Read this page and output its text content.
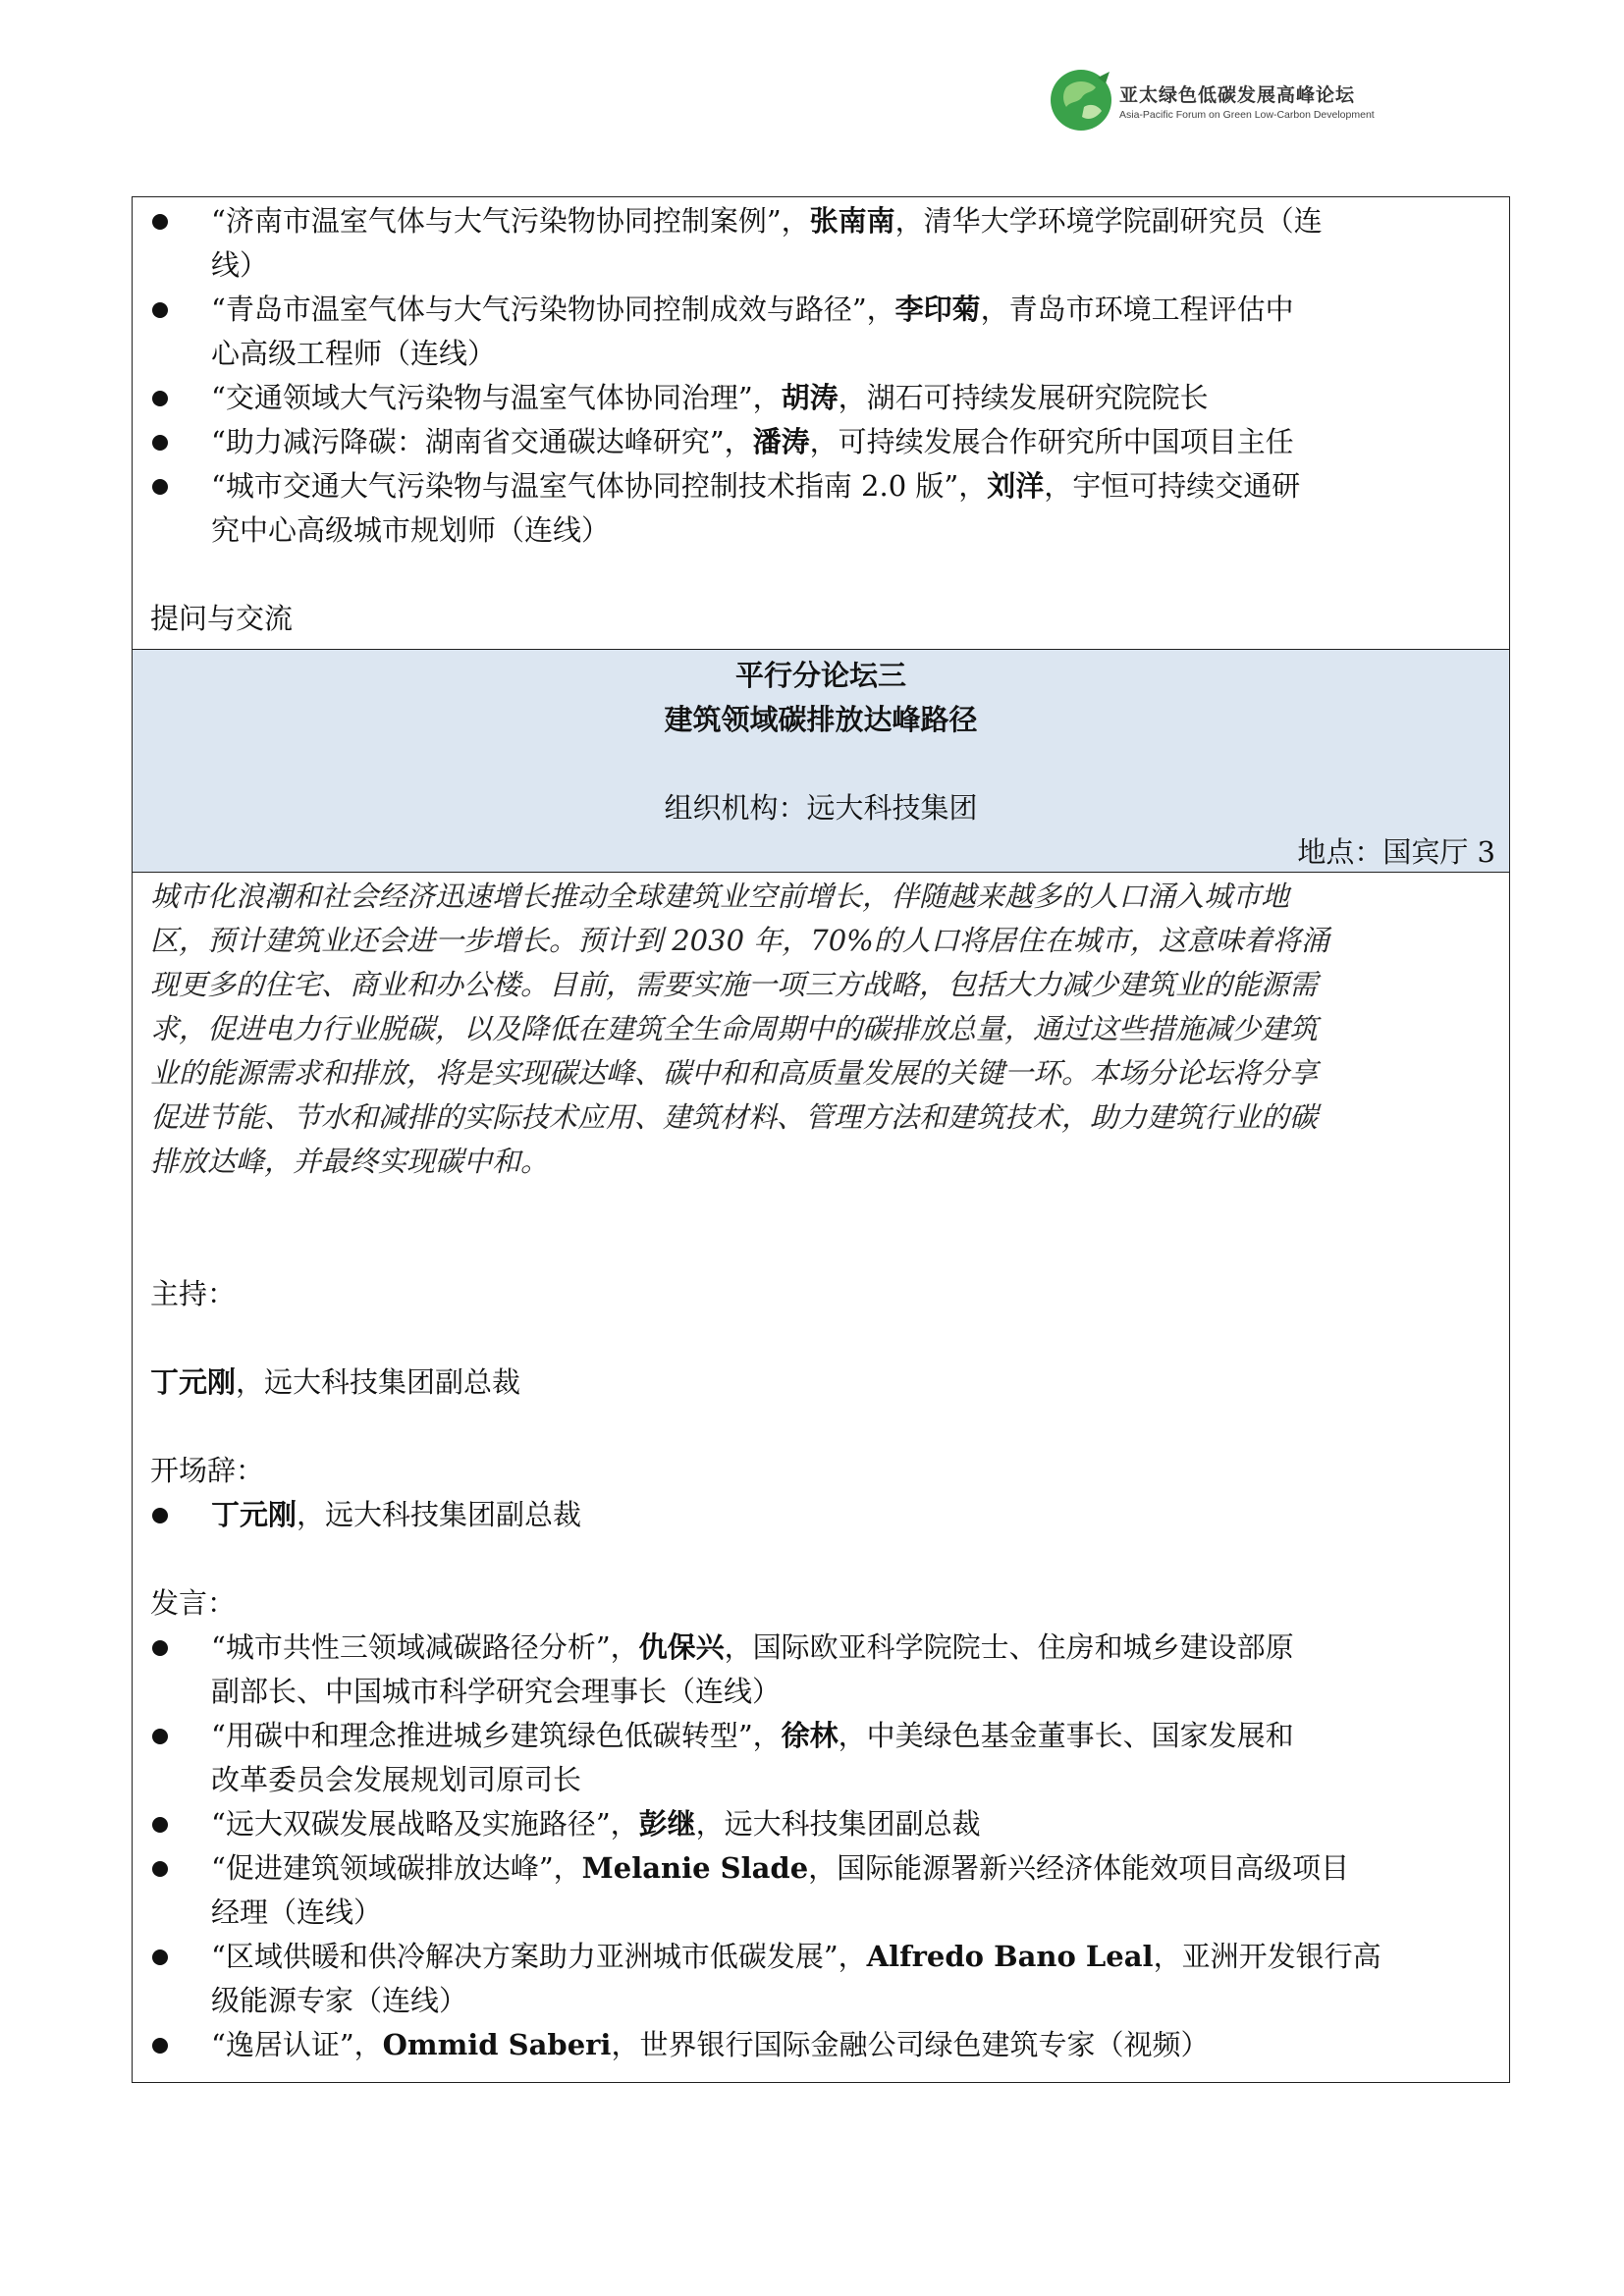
亚太绿色低碳发展高峰论坛
Asia-Pacific Forum on Green Low-Carbon Development
“济南市温室气体与大气污染物协同控制案例”，张南南，清华大学环境学院副研究员（连
线）
“青岛市温室气体与大气污染物协同控制成效与路径”，李印菊，青岛市环境工程评估中
心高级工程师（连线）
“交通领域大气污染物与温室气体协同治理”，胡涛，湖石可持续发展研究院院长
“助力减污降碳：湖南省交通碳达峰研究”，潘涛，可持续发展合作研究所中国项目主任
“城市交通大气污染物与温室气体协同控制技术指南 2.0 版”，刘洋，宇恒可持续交通研
究中心高级城市规划师（连线）
提问与交流
平行分论坛三
建筑领域碳排放达峰路径
组织机构：远大科技集团
地点：国宾厅 3
城市化浪潮和社会经济迅速增长推动全球建筑业空前增长，伴随越来越多的人口涌入城市地
区，预计建筑业还会进一步增长。预计到 2030 年，70%的人口将居住在城市，这意味着将涌
现更多的住宅、商业和办公楼。目前，需要实施一项三方战略，包括大力减少建筑业的能源需
求，促进电力行业脱碳，以及降低在建筑全生命周期中的碳排放总量，通过这些措施减少建筑
业的能源需求和排放，将是实现碳达峰、碳中和和高质量发展的关键一环。本场分论坛将分享
促进节能、节水和减排的实际技术应用、建筑材料、管理方法和建筑技术，助力建筑行业的碳
排放达峰，并最终实现碳中和。
主持：
丁元刚，远大科技集团副总裁
开场辞：
丁元刚，远大科技集团副总裁
发言：
“城市共性三领域减碳路径分析”，仇保兴，国际欧亚科学院院士、住房和城乡建设部原
副部长、中国城市科学研究会理事长（连线）
“用碳中和理念推进城乡建筑绿色低碳转型”，徐林，中美绿色基金董事长、国家发展和
改革委员会发展规划司原司长
“远大双碳发展战略及实施路径”，彭继，远大科技集团副总裁
“促进建筑领域碳排放达峰”，Melanie Slade，国际能源署新兴经济体能效项目高级项目
经理（连线）
“区域供暖和供冷解决方案助力亚洲城市低碳发展”，Alfredo Bano Leal，亚洲开发银行高
级能源专家（连线）
“逸居认证”，Ommid Saberi，世界银行国际金融公司绿色建筑专家（视频）
